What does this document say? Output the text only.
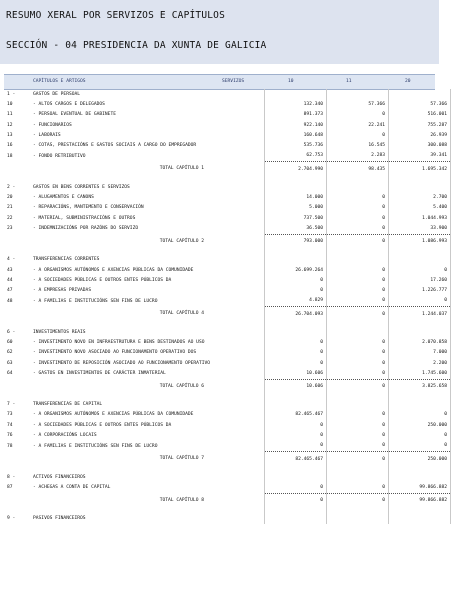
RESUMO XERAL POR SERVIZOS E CAPÍTULOS
SECCIÓN - 04 PRESIDENCIA DA XUNTA DE GALICIA
CAPÍTULOS E ARTIGOS	SERVIZOS	10	11	20
1 -	GASTOS DE PERSOAL			
10	- ALTOS CARGOS E DELEGADOS	132.340	57.366	57.366
11	- PERSOAL EVENTUAL DE GABINETE	891.373	0	516.001
12	- FUNCIONARIOS	922.140	22.241	755.287
13	- LABORAIS	160.648	0	26.939
16	- COTAS, PRESTACIÓNS E GASTOS SOCIAIS A CARGO DO EMPREGADOR	535.736	16.545	300.088
18	- FONDO RETRIBUTIVO	62.753	2.283	39.341
	TOTAL CAPÍTULO 1	2.704.990	98.435	1.695.342

2 -	GASTOS EN BENS CORRENTES E SERVIZOS			
20	- ALUGAMENTOS E CANONS	14.000	0	2.700
21	- REPARACIÓNS, MANTEMENTO E CONSERVACIÓN	5.000	0	5.400
22	- MATERIAL, SUBMINISTRACIÓNS E OUTROS	737.500	0	1.044.993
23	- INDEMNIZACIÓNS POR RAZÓNS DO SERVIZO	36.500	0	33.900
	TOTAL CAPÍTULO 2	793.000	0	1.086.993

4 -	TRANSFERENCIAS CORRENTES			
43	- A ORGANISMOS AUTÓNOMOS E AXENCIAS PÚBLICAS DA COMUNIDADE	26.699.264	0	0
44	- A SOCIEDADES PÚBLICAS E OUTROS ENTES PÚBLICOS DA	0	0	17.260
47	- A EMPRESAS PRIVADAS	0	0	1.226.777
48	- A FAMILIAS E INSTITUCIÓNS SEN FINS DE LUCRO	4.829	0	0
	TOTAL CAPÍTULO 4	26.704.093	0	1.244.037

6 -	INVESTIMENTOS REAIS			
60	- INVESTIMENTO NOVO EN INFRAESTRUTURA E BENS DESTINADOS AO USO	0	0	2.070.858
62	- INVESTIMENTO NOVO ASOCIADO AO FUNCIONAMENTO OPERATIVO DOS	0	0	7.000
63	- INVESTIMENTO DE REPOSICIÓN ASOCIADO AO FUNCIONAMENTO OPERATIVO	0	0	2.200
64	- GASTOS EN INVESTIMENTOS DE CARÁCTER INMATERIAL	10.606	0	1.745.600
	TOTAL CAPÍTULO 6	10.606	0	3.825.658

7 -	TRANSFERENCIAS DE CAPITAL			
73	- A ORGANISMOS AUTÓNOMOS E AXENCIAS PÚBLICAS DA COMUNIDADE	82.465.467	0	0
74	- A SOCIEDADES PÚBLICAS E OUTROS ENTES PÚBLICOS DA	0	0	250.000
76	- A CORPORACIÓNS LOCAIS	0	0	0
78	- A FAMILIAS E INSTITUCIÓNS SEN FINS DE LUCRO	0	0	0
	TOTAL CAPÍTULO 7	82.465.467	0	250.000

8 -	ACTIVOS FINANCEIROS			
87	- ACHEGAS A CONTA DE CAPITAL	0	0	99.866.882
	TOTAL CAPÍTULO 8	0	0	99.866.882

9 -	PASIVOS FINANCEIROS			
